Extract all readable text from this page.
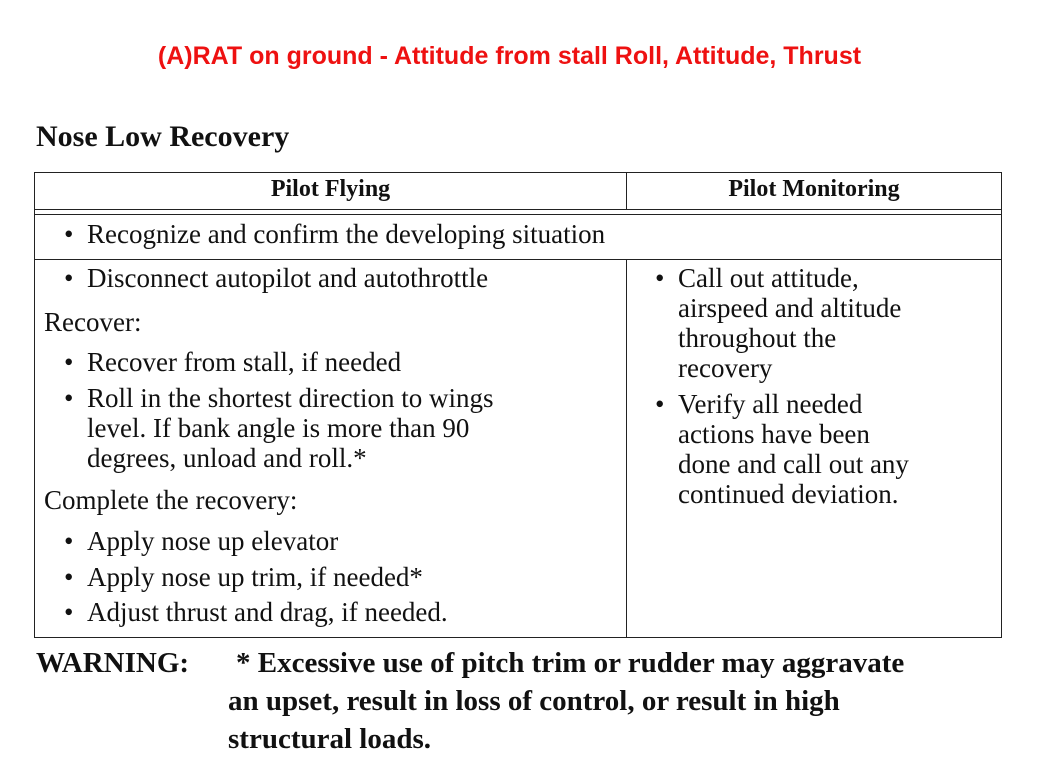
(A)RAT on ground - Attitude from stall Roll, Attitude, Thrust
Nose Low Recovery
Pilot Flying	Pilot Monitoring
• Recognize and confirm the developing situation
• Disconnect autopilot and autothrottle
Recover:
• Recover from stall, if needed
• Roll in the shortest direction to wings
level. If bank angle is more than 90
degrees, unload and roll.*
Complete the recovery:
• Apply nose up elevator
• Apply nose up trim, if needed*
• Adjust thrust and drag, if needed.
• Call out attitude,
airspeed and altitude
throughout the
recovery
• Verify all needed
actions have been
done and call out any
continued deviation.
WARNING: * Excessive use of pitch trim or rudder may aggravate
an upset, result in loss of control, or result in high
structural loads.
